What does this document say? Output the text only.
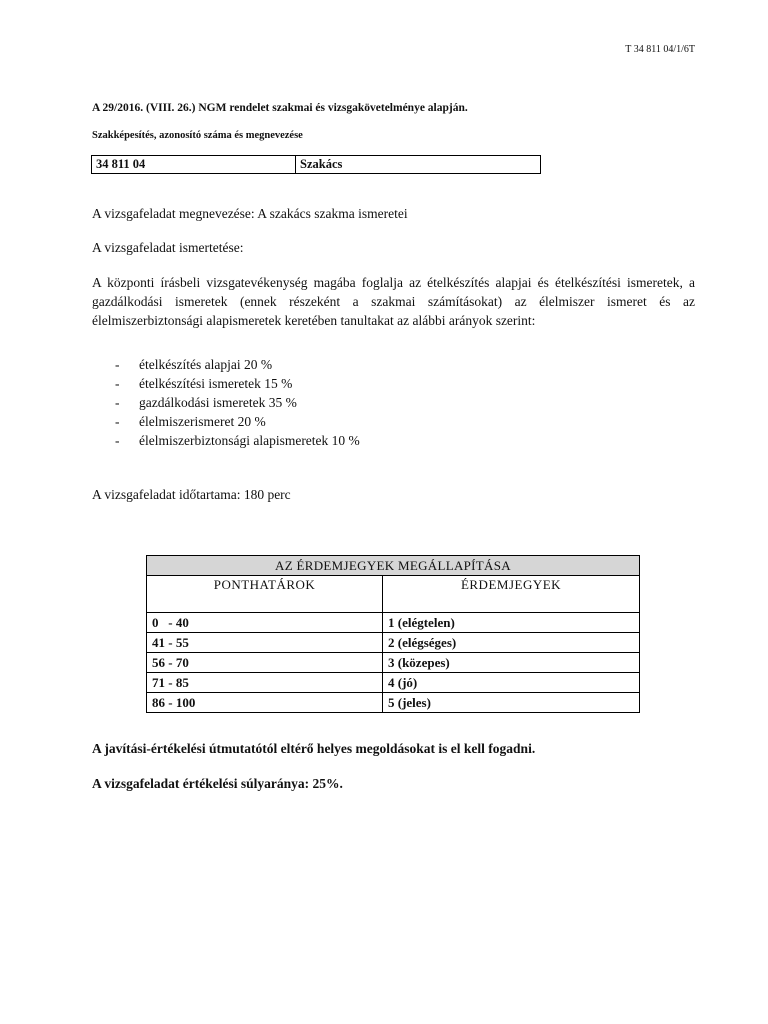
T 34 811 04/1/6T
A 29/2016. (VIII. 26.) NGM rendelet szakmai és vizsgakövetelménye alapján.
Szakképesítés, azonosító száma és megnevezése
34 811 04	Szakács
A vizsgafeladat megnevezése: A szakács szakma ismeretei
A vizsgafeladat ismertetése:

A központi írásbeli vizsgatevékenység magába foglalja az ételkészítés alapjai és ételkészítési ismeretek, a gazdálkodási ismeretek (ennek részeként a szakmai számításokat) az élelmiszer ismeret és az élelmiszerbiztonsági alapismeretek keretében tanultakat az alábbi arányok szerint:

- ételkészítés alapjai 20 %
- ételkészítési ismeretek 15 %
- gazdálkodási ismeretek 35 %
- élelmiszerismeret 20 %
- élelmiszerbiztonsági alapismeretek 10 %
A vizsgafeladat időtartama: 180 perc
AZ ÉRDEMJEGYEK MEGÁLLAPÍTÁSA	
PONTHATÁROK	ÉRDEMJEGYEK
0   - 40	1 (elégtelen)
41 - 55	2 (elégséges)
56 - 70	3 (közepes)
71 - 85	4 (jó)
86 - 100	5 (jeles)
A javítási-értékelési útmutatótól eltérő helyes megoldásokat is el kell fogadni.
A vizsgafeladat értékelési súlyaránya: 25%.
